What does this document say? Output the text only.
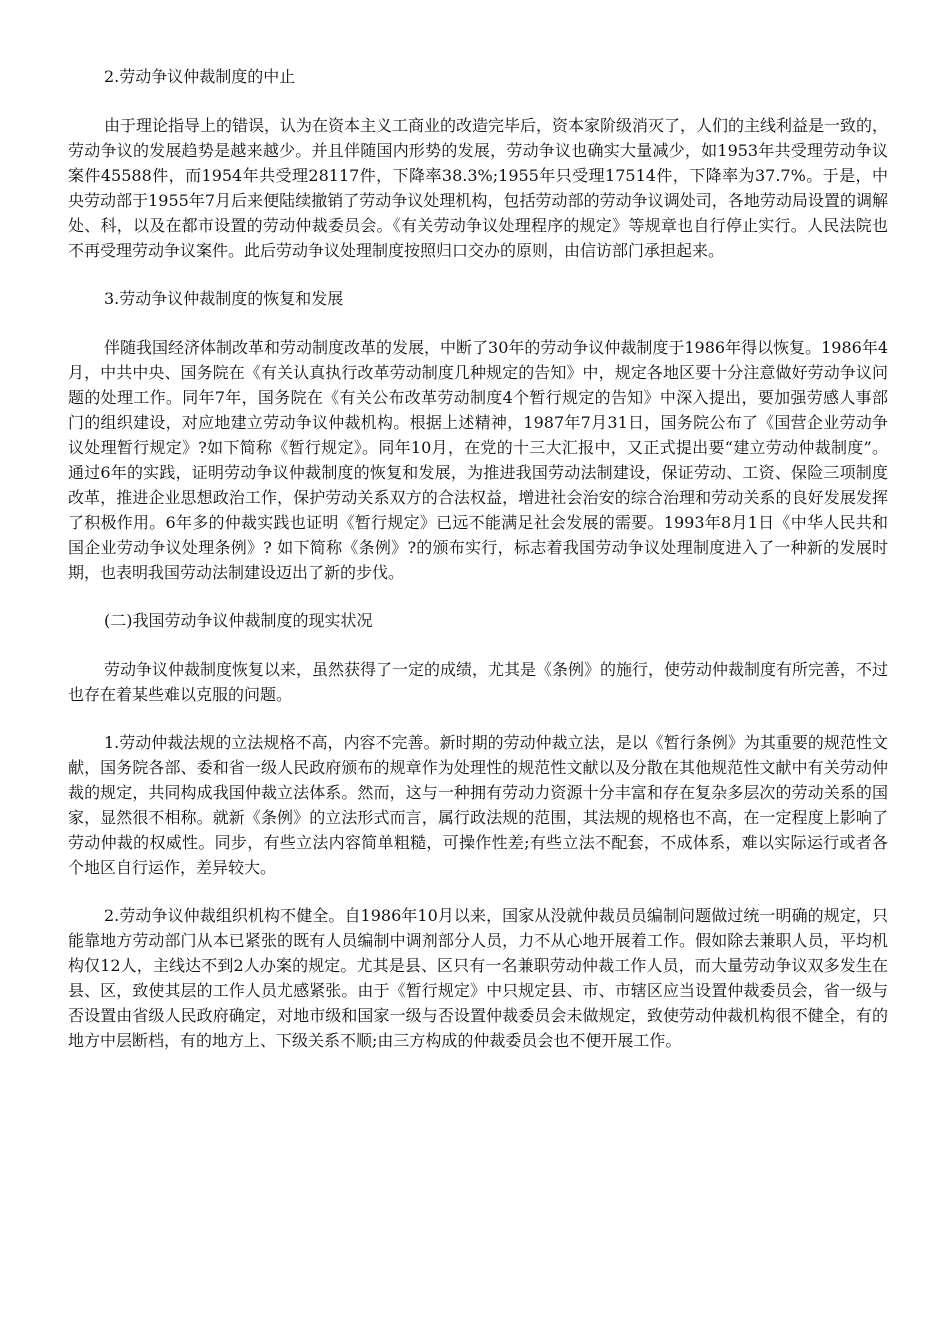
2.劳动争议仲裁制度的中止

由于理论指导上的错误，认为在资本主义工商业的改造完毕后，资本家阶级消灭了，人们的主线利益是一致的，劳动争议的发展趋势是越来越少。并且伴随国内形势的发展，劳动争议也确实大量减少，如1953年共受理劳动争议案件45588件，而1954年共受理28117件，下降率38.3%;1955年只受理17514件，下降率为37.7%。于是，中央劳动部于1955年7月后来便陆续撤销了劳动争议处理机构，包括劳动部的劳动争议调处司，各地劳动局设置的调解处、科，以及在都市设置的劳动仲裁委员会。《有关劳动争议处理程序的规定》等规章也自行停止实行。人民法院也不再受理劳动争议案件。此后劳动争议处理制度按照归口交办的原则，由信访部门承担起来。

3.劳动争议仲裁制度的恢复和发展

伴随我国经济体制改革和劳动制度改革的发展，中断了30年的劳动争议仲裁制度于1986年得以恢复。1986年4月，中共中央、国务院在《有关认真执行改革劳动制度几种规定的告知》中，规定各地区要十分注意做好劳动争议问题的处理工作。同年7年，国务院在《有关公布改革劳动制度4个暂行规定的告知》中深入提出，要加强劳感人事部门的组织建设，对应地建立劳动争议仲裁机构。根据上述精神，1987年7月31日，国务院公布了《国营企业劳动争议处理暂行规定》?如下简称《暂行规定》。同年10月，在党的十三大汇报中，又正式提出要“建立劳动仲裁制度”。通过6年的实践，证明劳动争议仲裁制度的恢复和发展，为推进我国劳动法制建设，保证劳动、工资、保险三项制度改革，推进企业思想政治工作，保护劳动关系双方的合法权益，增进社会治安的综合治理和劳动关系的良好发展发挥了积极作用。6年多的仲裁实践也证明《暂行规定》已远不能满足社会发展的需要。1993年8月1日《中华人民共和国企业劳动争议处理条例》? 如下简称《条例》?的颁布实行，标志着我国劳动争议处理制度进入了一种新的发展时期，也表明我国劳动法制建设迈出了新的步伐。

(二)我国劳动争议仲裁制度的现实状况

劳动争议仲裁制度恢复以来，虽然获得了一定的成绩，尤其是《条例》的施行，使劳动仲裁制度有所完善，不过也存在着某些难以克服的问题。

1.劳动仲裁法规的立法规格不高，内容不完善。新时期的劳动仲裁立法，是以《暂行条例》为其重要的规范性文献，国务院各部、委和省一级人民政府颁布的规章作为处理性的规范性文献以及分散在其他规范性文献中有关劳动仲裁的规定，共同构成我国仲裁立法体系。然而，这与一种拥有劳动力资源十分丰富和存在复杂多层次的劳动关系的国家，显然很不相称。就新《条例》的立法形式而言，属行政法规的范围，其法规的规格也不高，在一定程度上影响了劳动仲裁的权威性。同步，有些立法内容简单粗糙，可操作性差;有些立法不配套，不成体系，难以实际运行或者各个地区自行运作，差异较大。

2.劳动争议仲裁组织机构不健全。自1986年10月以来，国家从没就仲裁员员编制问题做过统一明确的规定，只能靠地方劳动部门从本已紧张的既有人员编制中调剂部分人员，力不从心地开展着工作。假如除去兼职人员，平均机构仅12人，主线达不到2人办案的规定。尤其是县、区只有一名兼职劳动仲裁工作人员，而大量劳动争议双多发生在县、区，致使其层的工作人员尤感紧张。由于《暂行规定》中只规定县、市、市辖区应当设置仲裁委员会，省一级与否设置由省级人民政府确定，对地市级和国家一级与否设置仲裁委员会未做规定，致使劳动仲裁机构很不健全，有的地方中层断档，有的地方上、下级关系不顺;由三方构成的仲裁委员会也不便开展工作。
